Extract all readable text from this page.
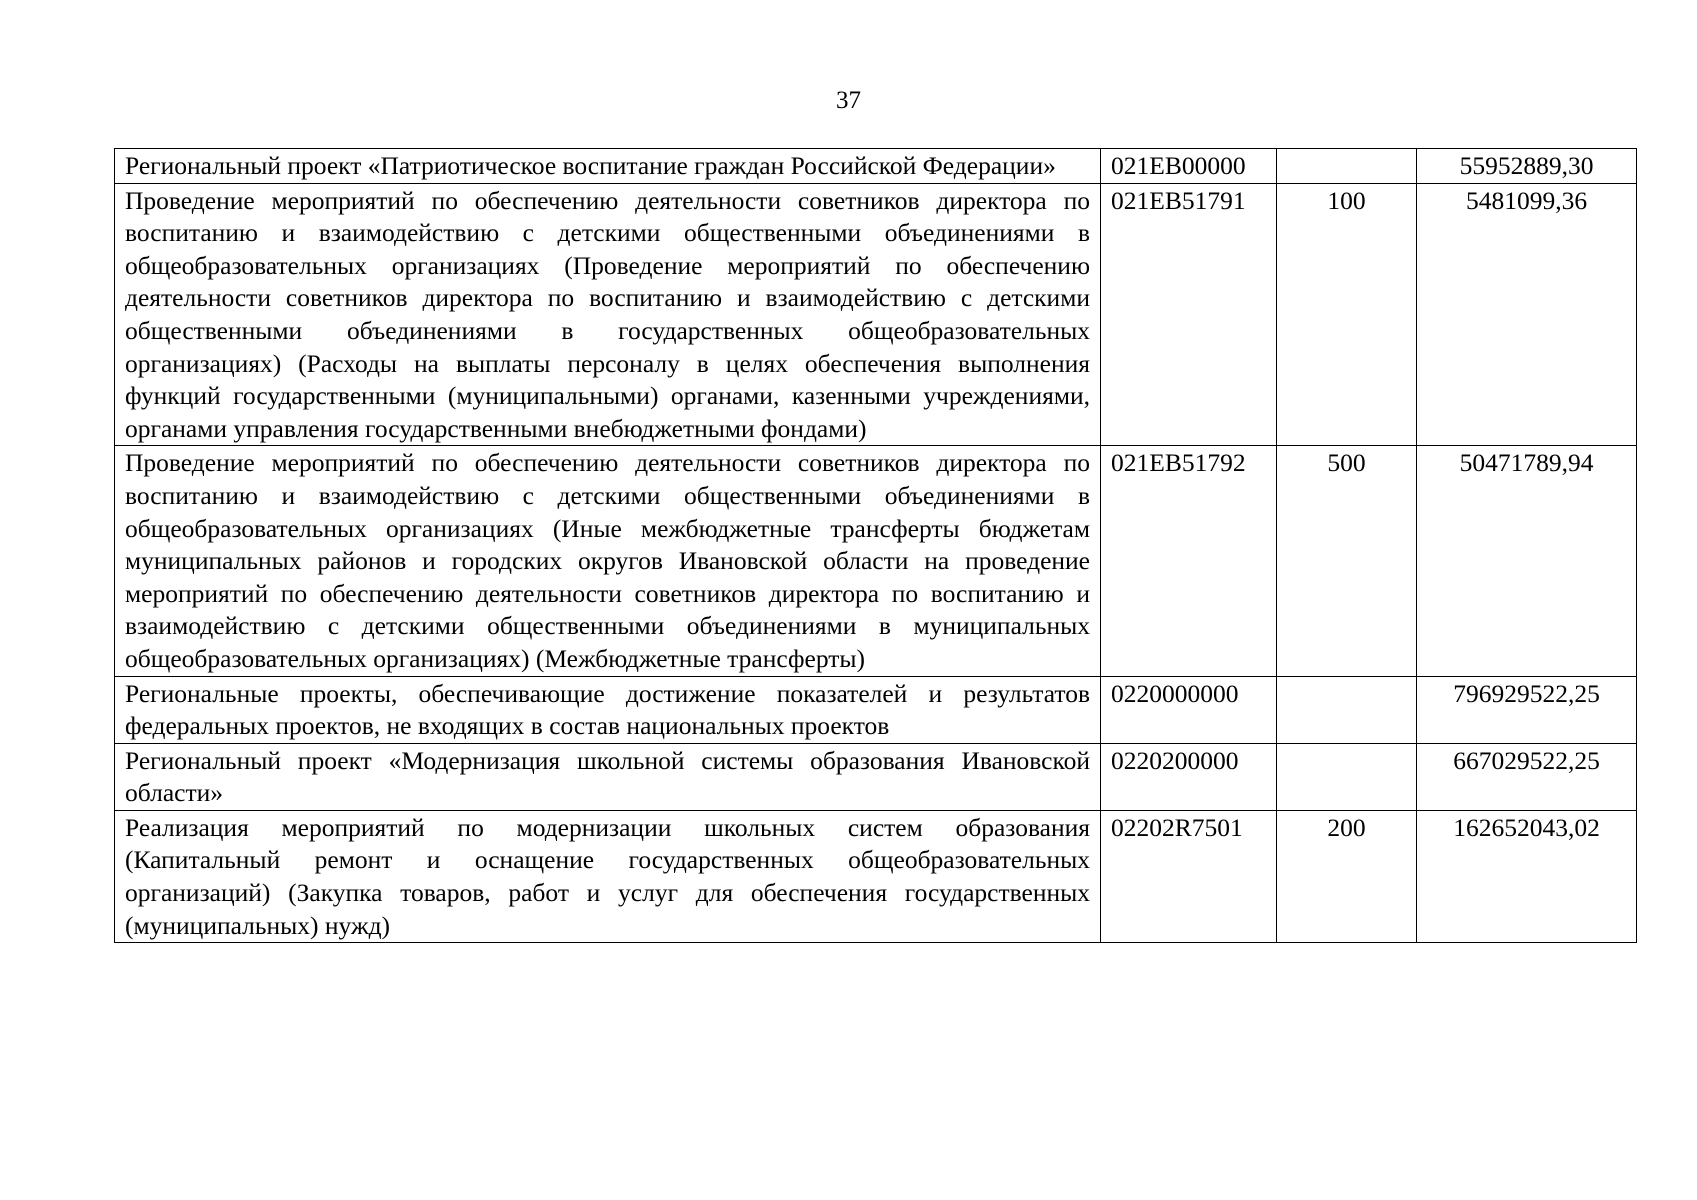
37
Региональный проект «Патриотическое воспитание граждан Российской Федерации»	021EB00000		55952889,30
Проведение мероприятий по обеспечению деятельности советников директора по воспитанию и взаимодействию с детскими общественными объединениями в общеобразовательных организациях (Проведение мероприятий по обеспечению деятельности советников директора по воспитанию и взаимодействию с детскими общественными объединениями в государственных общеобразовательных организациях) (Расходы на выплаты персоналу в целях обеспечения выполнения функций государственными (муниципальными) органами, казенными учреждениями, органами управления государственными внебюджетными фондами)	021EB51791	100	5481099,36
Проведение мероприятий по обеспечению деятельности советников директора по воспитанию и взаимодействию с детскими общественными объединениями в общеобразовательных организациях (Иные межбюджетные трансферты бюджетам муниципальных районов и городских округов Ивановской области на проведение мероприятий по обеспечению деятельности советников директора по воспитанию и взаимодействию с детскими общественными объединениями в муниципальных общеобразовательных организациях) (Межбюджетные трансферты)	021EB51792	500	50471789,94
Региональные проекты, обеспечивающие достижение показателей и результатов федеральных проектов, не входящих в состав национальных проектов	0220000000		796929522,25
Региональный проект «Модернизация школьной системы образования Ивановской области»	0220200000		667029522,25
Реализация мероприятий по модернизации школьных систем образования (Капитальный ремонт и оснащение государственных общеобразовательных организаций) (Закупка товаров, работ и услуг для обеспечения государственных (муниципальных) нужд)	02202R7501	200	162652043,02
